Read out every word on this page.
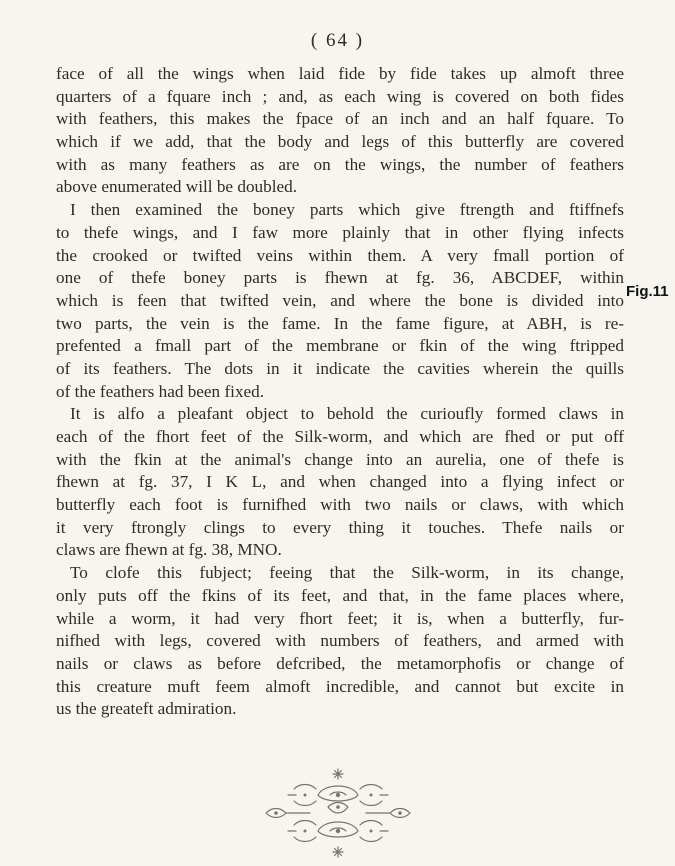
( 64 )
face of all the wings when laid fide by fide takes up almoft three
quarters of a fquare inch ; and, as each wing is covered on both fides
with feathers, this makes the fpace of an inch and an half fquare. To
which if we add, that the body and legs of this butterfly are covered
with as many feathers as are on the wings, the number of feathers
above enumerated will be doubled.
I then examined the boney parts which give ftrength and ftiffnefs
to thefe wings, and I faw more plainly that in other flying infects
the crooked or twifted veins within them. A very fmall portion of
one of thefe boney parts is fhewn at fg. 36, ABCDEF, within
which is feen that twifted vein, and where the bone is divided into
two parts, the vein is the fame. In the fame figure, at ABH, is re-
prefented a fmall part of the membrane or fkin of the wing ftripped
of its feathers. The dots in it indicate the cavities wherein the quills
of the feathers had been fixed.
It is alfo a pleafant object to behold the curioufly formed claws in
each of the fhort feet of the Silk-worm, and which are fhed or put off
with the fkin at the animal's change into an aurelia, one of thefe is
fhewn at fg. 37, I K L, and when changed into a flying infect or
butterfly each foot is furnifhed with two nails or claws, with which
it very ftrongly clings to every thing it touches. Thefe nails or
claws are fhewn at fg. 38, MNO.
To clofe this fubject; feeing that the Silk-worm, in its change,
only puts off the fkins of its feet, and that, in the fame places where,
while a worm, it had very fhort feet; it is, when a butterfly, fur-
nifhed with legs, covered with numbers of feathers, and armed with
nails or claws as before defcribed, the metamorphofis or change of
this creature muft feem almoft incredible, and cannot but excite in
us the greateft admiration.
Fig.11
